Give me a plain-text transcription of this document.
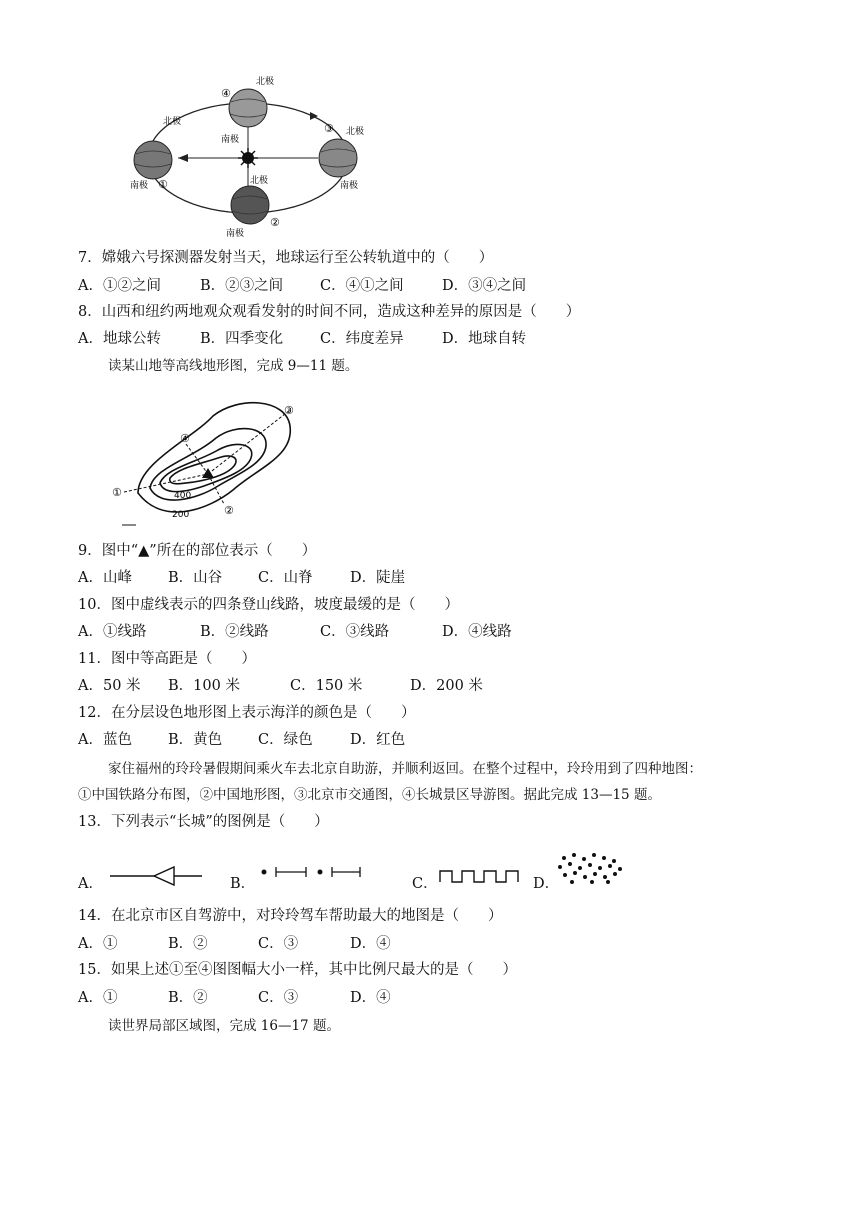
北极
南极 ①	北极
南极
②
北极
③
南极
北极
④
南极
7．嫦娥六号探测器发射当天，地球运行至公转轨道中的（　　）
A．①②之间	B．②③之间	C．④①之间	D．③④之间
8．山西和纽约两地观众观看发射的时间不同，造成这种差异的原因是（　　）
A．地球公转	B．四季变化	C．纬度差异	D．地球自转
读某山地等高线地形图，完成 9—11 题。
①
②
③
④
400
200
9．图中“▲”所在的部位表示（　　）
A．山峰 B．山谷 C．山脊	D．陡崖
10．图中虚线表示的四条登山线路，坡度最缓的是（　　）
A．①线路	B．②线路	C．③线路	D．④线路
11．图中等高距是（　　）
A．50 米 B．100 米	C．150 米	D．200 米
12．在分层设色地形图上表示海洋的颜色是（　　）
A．蓝色 B．黄色 C．绿色	D．红色
家住福州的玲玲暑假期间乘火车去北京自助游，并顺利返回。在整个过程中，玲玲用到了四种地图：
①中国铁路分布图，②中国地形图，③北京市交通图，④长城景区导游图。据此完成 13—15 题。
13．下列表示“长城”的图例是（　　）
A．	B．	C．	D．
14．在北京市区自驾游中，对玲玲驾车帮助最大的地图是（　　）
A．①	B．②	C．③	D．④
15．如果上述①至④图图幅大小一样，其中比例尺最大的是（　　）
A．①	B．②	C．③	D．④
读世界局部区域图，完成 16—17 题。
